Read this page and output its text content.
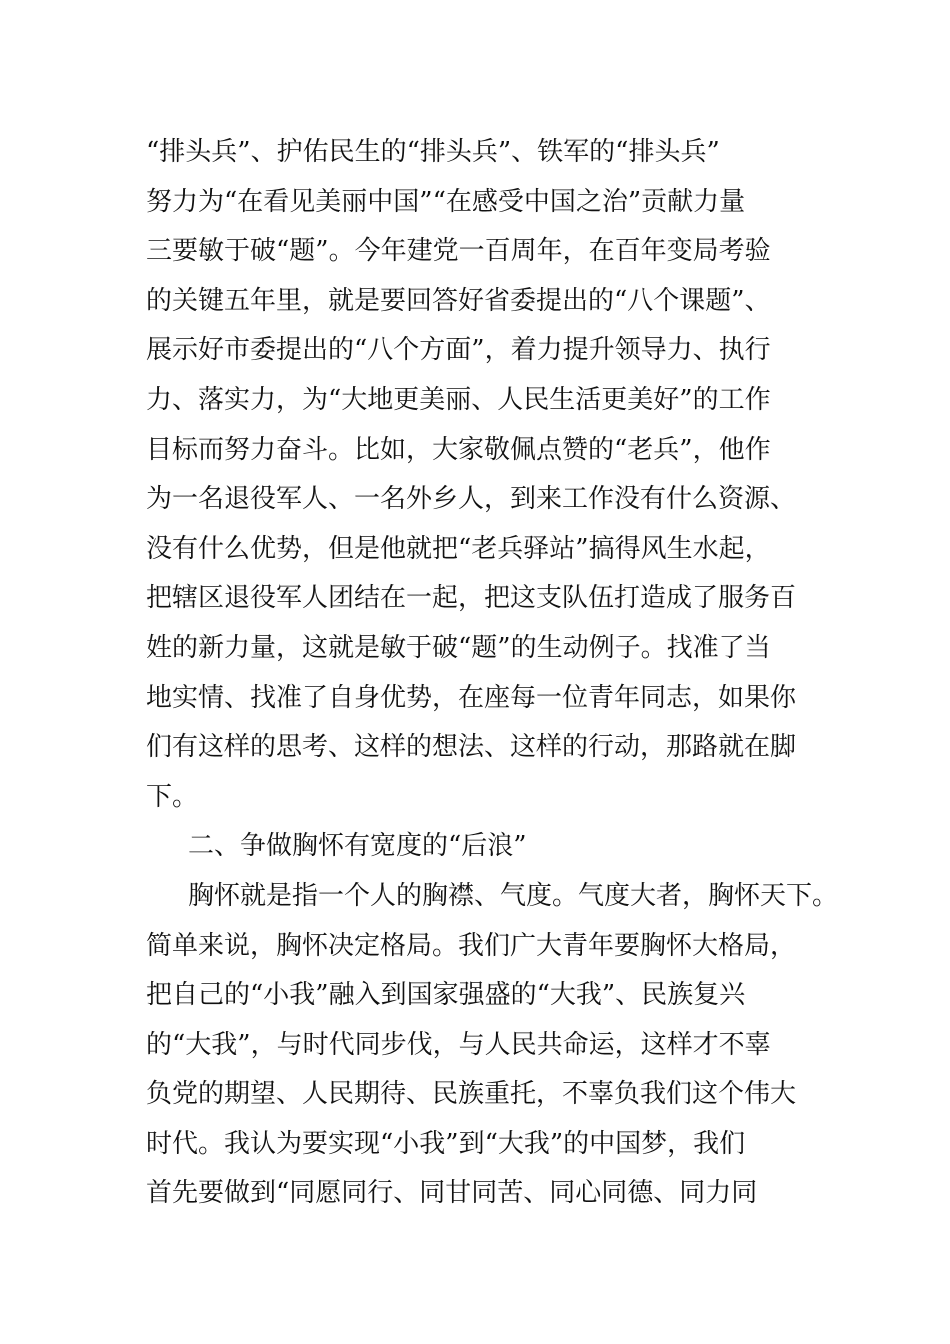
“排头兵”、护佑民生的“排头兵”、铁军的“排头兵”
努力为“在看见美丽中国”“在感受中国之治”贡献力量
三要敏于破“题”。今年建党一百周年，在百年变局考验
的关键五年里，就是要回答好省委提出的“八个课题”、
展示好市委提出的“八个方面”，着力提升领导力、执行
力、落实力，为“大地更美丽、人民生活更美好”的工作
目标而努力奋斗。比如，大家敬佩点赞的“老兵”，他作
为一名退役军人、一名外乡人，到来工作没有什么资源、
没有什么优势，但是他就把“老兵驿站”搞得风生水起，
把辖区退役军人团结在一起，把这支队伍打造成了服务百
姓的新力量，这就是敏于破“题”的生动例子。找准了当
地实情、找准了自身优势，在座每一位青年同志，如果你
们有这样的思考、这样的想法、这样的行动，那路就在脚
下。
二、争做胸怀有宽度的“后浪”
胸怀就是指一个人的胸襟、气度。气度大者，胸怀天下。
简单来说，胸怀决定格局。我们广大青年要胸怀大格局，
把自己的“小我”融入到国家强盛的“大我”、民族复兴
的“大我”，与时代同步伐，与人民共命运，这样才不辜
负党的期望、人民期待、民族重托，不辜负我们这个伟大
时代。我认为要实现“小我”到“大我”的中国梦，我们
首先要做到“同愿同行、同甘同苦、同心同德、同力同
